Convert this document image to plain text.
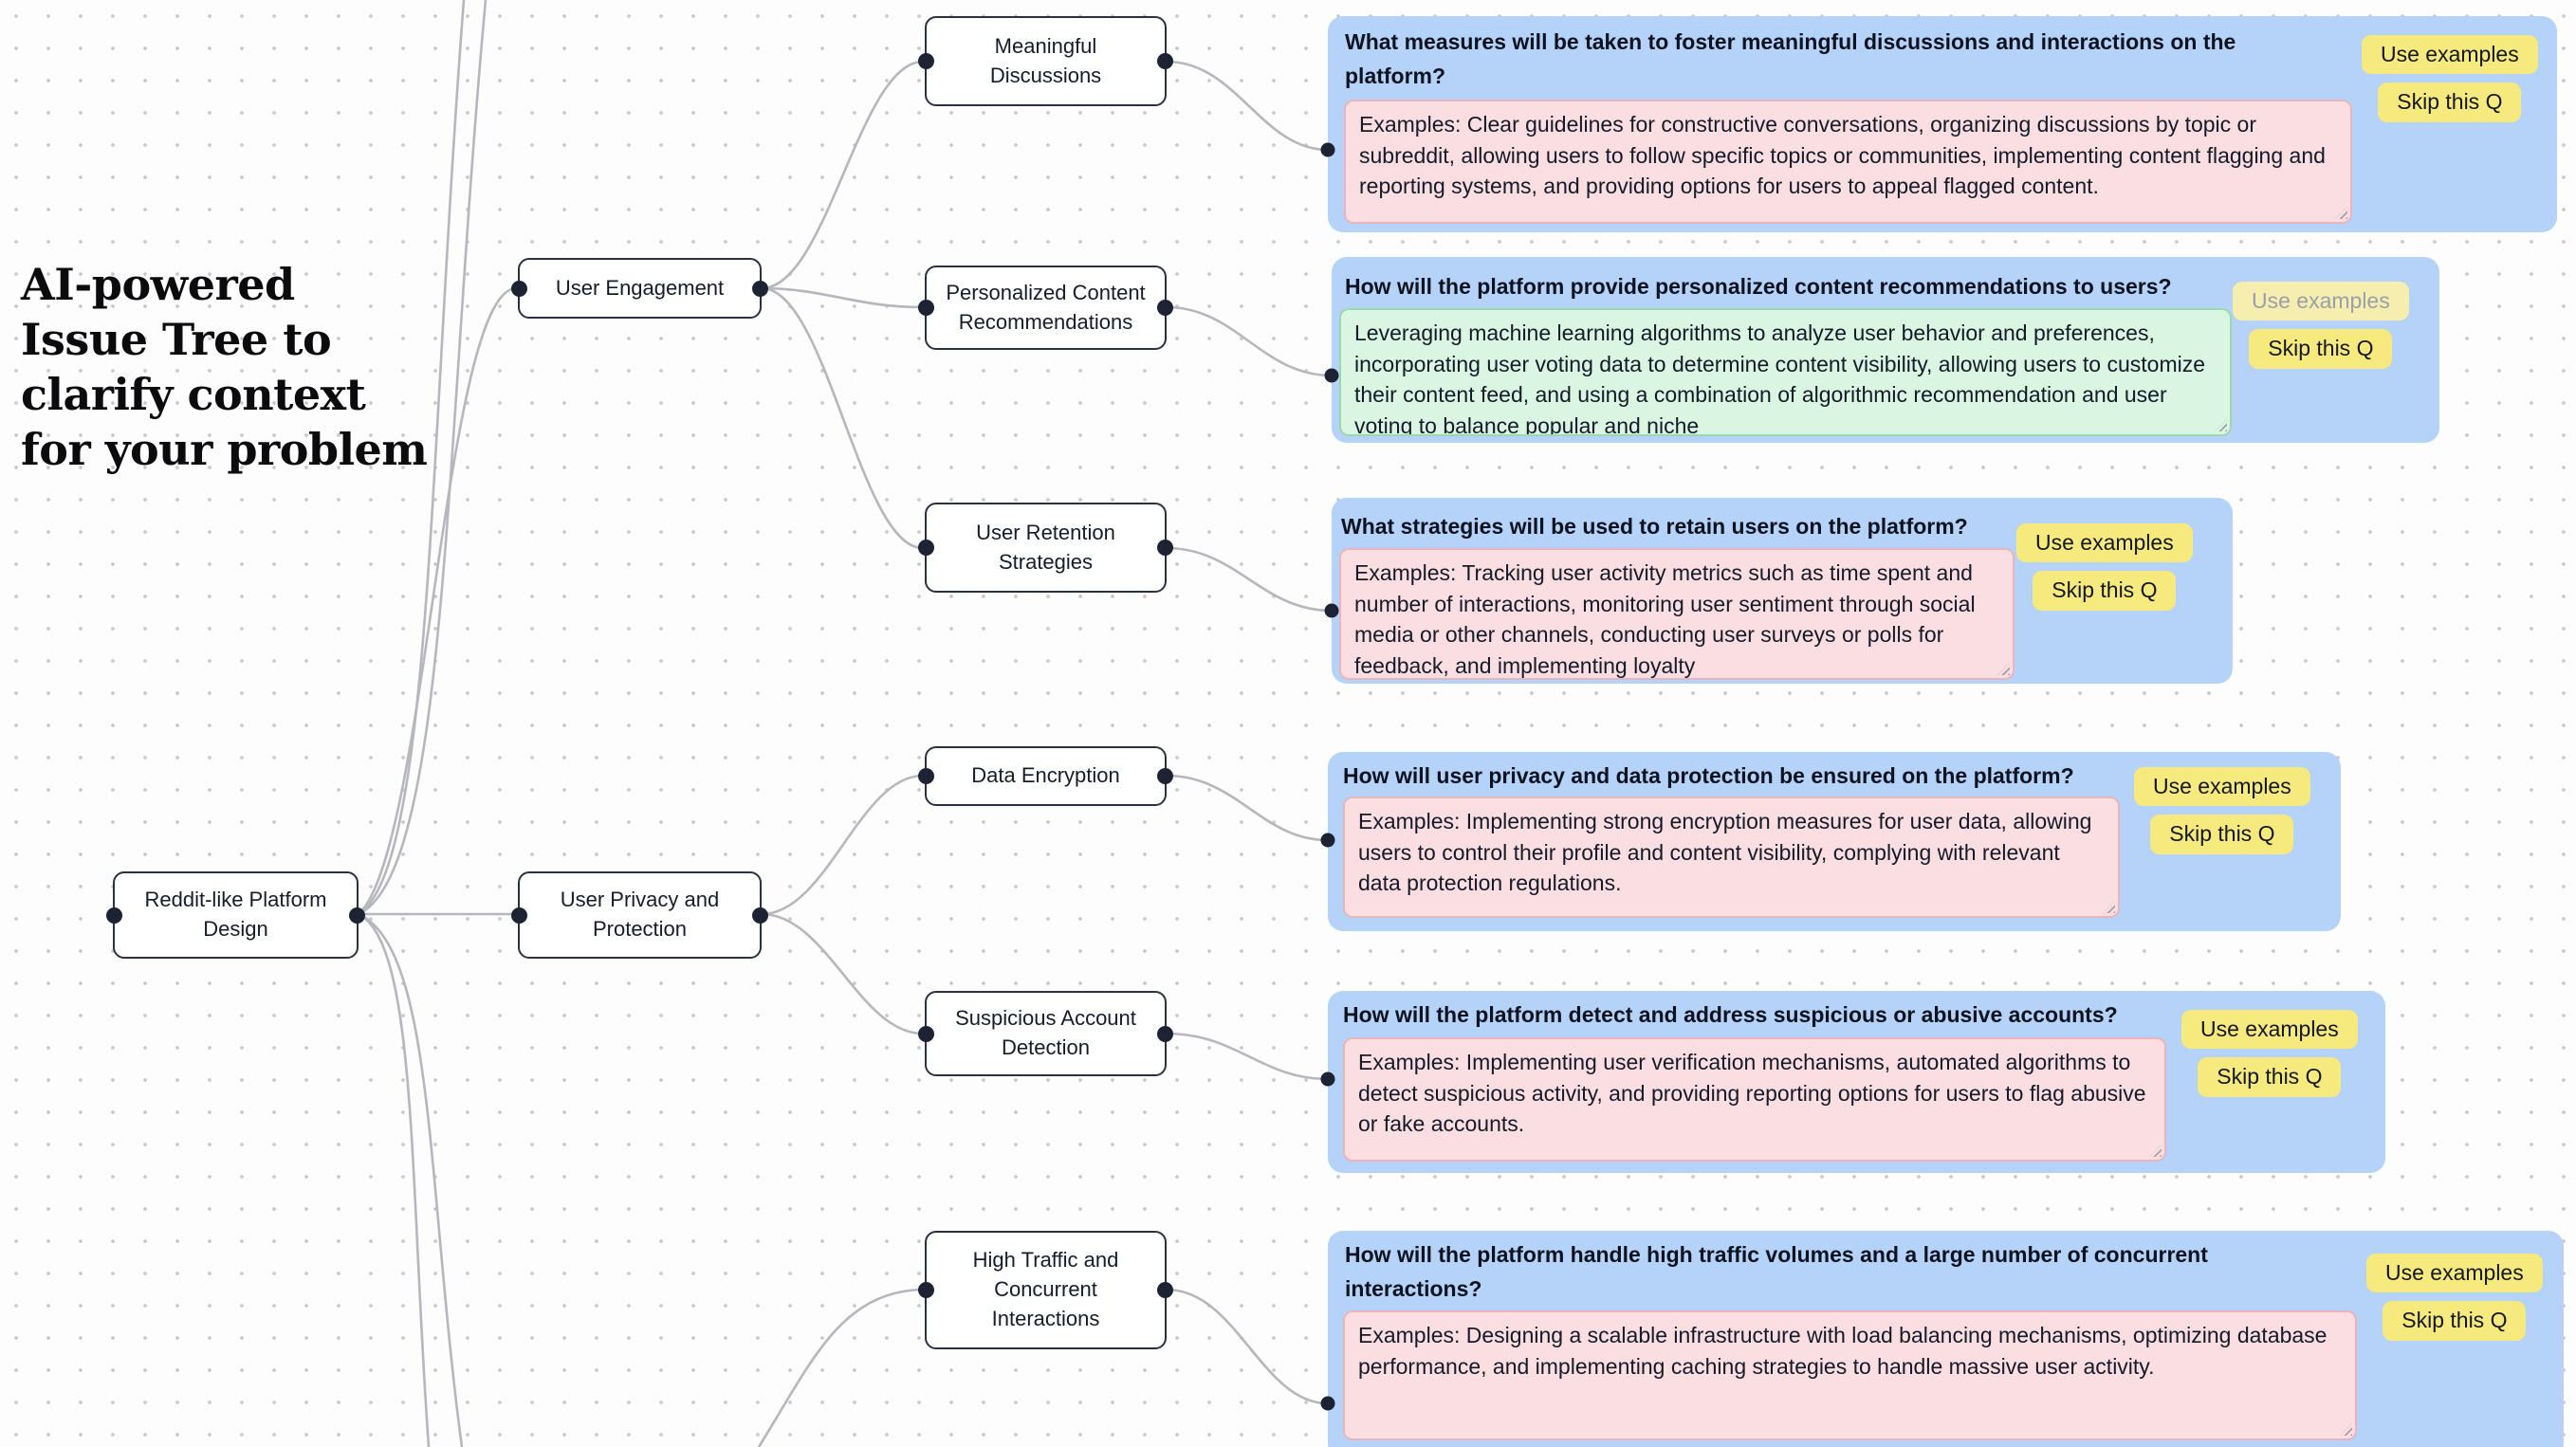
AI-powered Issue Tree to clarify context for your problem
Reddit-like Platform Design
User Engagement
User Privacy and Protection
Meaningful Discussions
Personalized Content Recommendations
User Retention Strategies
Data Encryption
Suspicious Account Detection
High Traffic and Concurrent Interactions
What measures will be taken to foster meaningful discussions and interactions on the platform?
Examples: Clear guidelines for constructive conversations, organizing discussions by topic or subreddit, allowing users to follow specific topics or communities, implementing content flagging and reporting systems, and providing options for users to appeal flagged content.
Use examples
Skip this Q
How will the platform provide personalized content recommendations to users?
Leveraging machine learning algorithms to analyze user behavior and preferences, incorporating user voting data to determine content visibility, allowing users to customize their content feed, and using a combination of algorithmic recommendation and user voting to balance popular and niche
Use examples
Skip this Q
What strategies will be used to retain users on the platform?
Examples: Tracking user activity metrics such as time spent and number of interactions, monitoring user sentiment through social media or other channels, conducting user surveys or polls for feedback, and implementing loyalty
Use examples
Skip this Q
How will user privacy and data protection be ensured on the platform?
Examples: Implementing strong encryption measures for user data, allowing users to control their profile and content visibility, complying with relevant data protection regulations.	Use examples
Skip this Q
How will the platform detect and address suspicious or abusive accounts?
Examples: Implementing user verification mechanisms, automated algorithms to detect suspicious activity, and providing reporting options for users to flag abusive or fake accounts.
Use examples
Skip this Q
How will the platform handle high traffic volumes and a large number of concurrent interactions?
Examples: Designing a scalable infrastructure with load balancing mechanisms, optimizing database performance, and implementing caching strategies to handle massive user activity.
Use examples
Skip this Q
